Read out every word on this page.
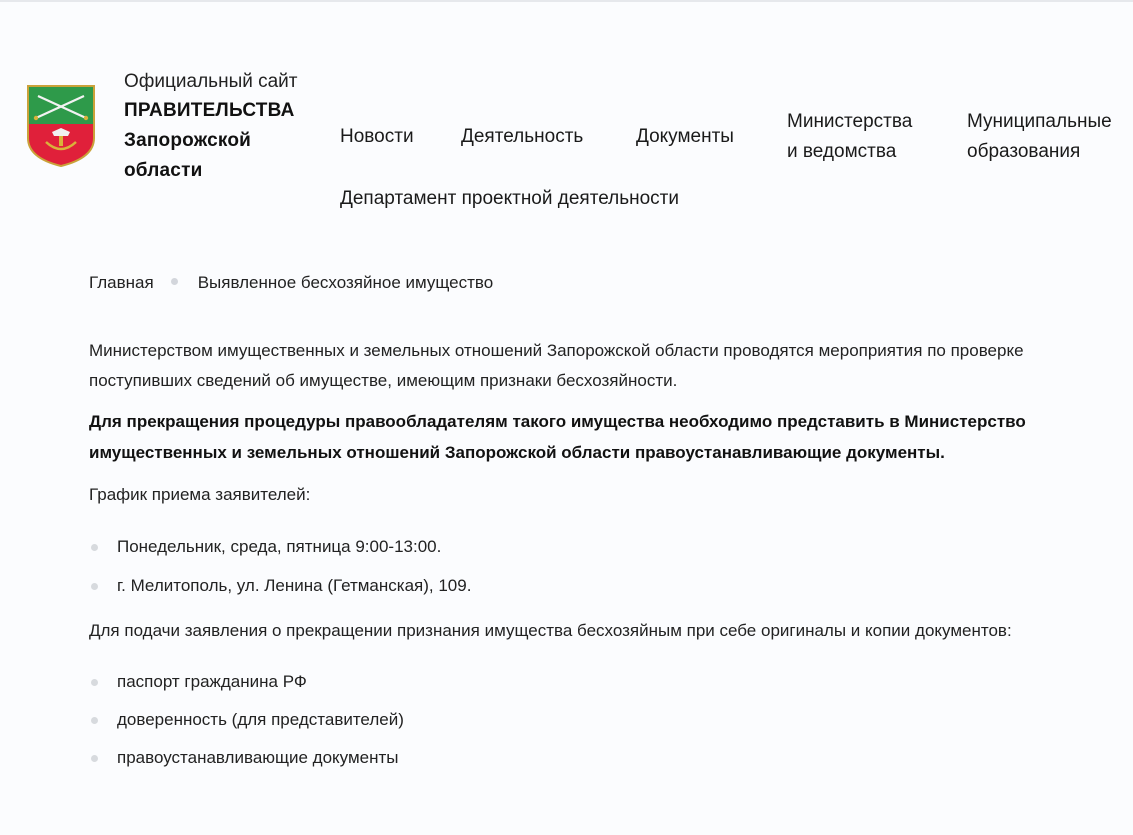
Официальный сайт
ПРАВИТЕЛЬСТВА
Запорожской
области
Новости Деятельность	Документы
Министерства
и ведомства
Муниципальные
образования
Департамент проектной деятельности
Главная	Выявленное бесхозяйное имущество

Министерством имущественных и земельных отношений Запорожской области проводятся мероприятия по проверке поступивших сведений об имуществе, имеющим признаки бесхозяйности.

Для прекращения процедуры правообладателям такого имущества необходимо представить в Министерство имущественных и земельных отношений Запорожской области правоустанавливающие документы.

График приема заявителей:

Понедельник, среда, пятница 9:00-13:00.
г. Мелитополь, ул. Ленина (Гетманская), 109.

Для подачи заявления о прекращении признания имущества бесхозяйным при себе оригиналы и копии документов:

паспорт гражданина РФ
доверенность (для представителей)
правоустанавливающие документы
